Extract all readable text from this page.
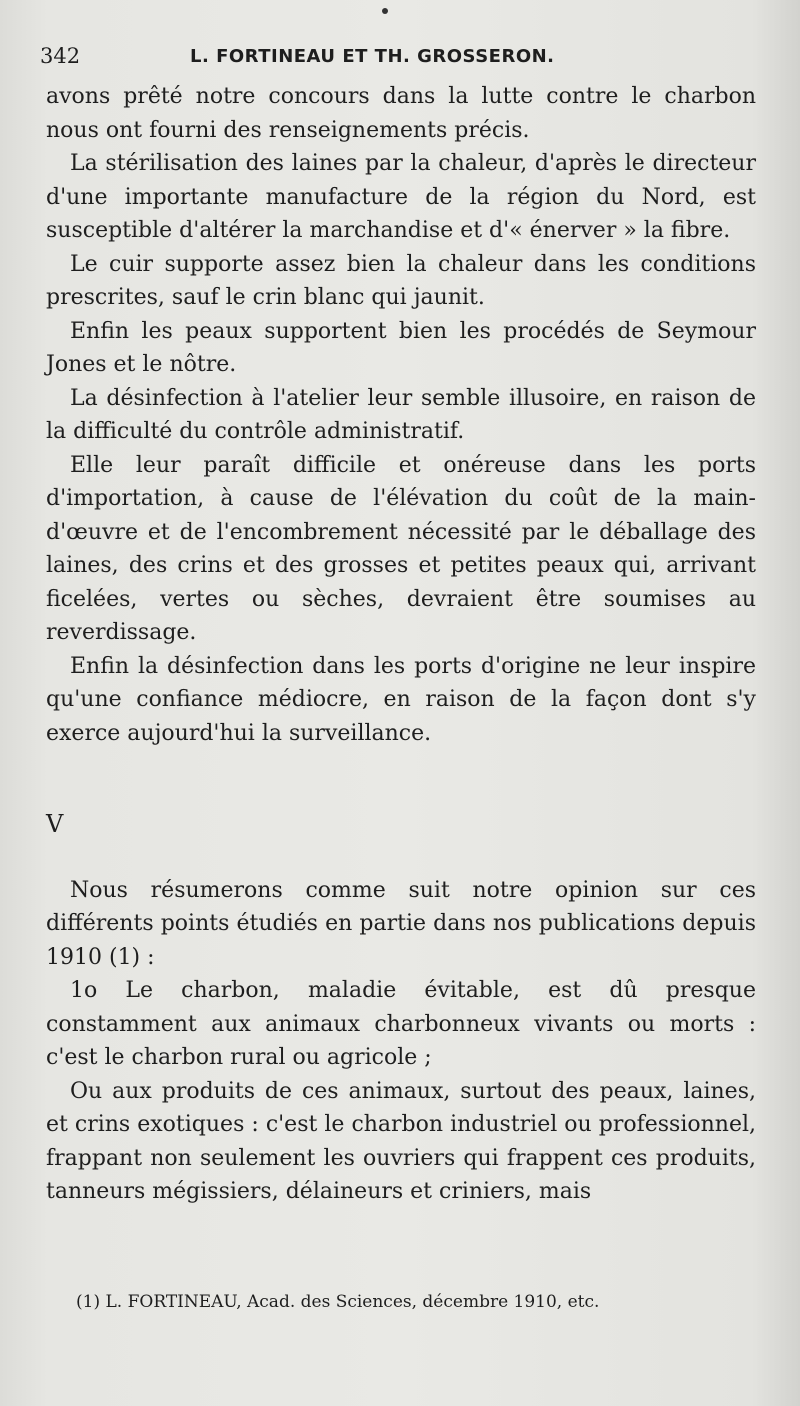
342	L. FORTINEAU ET TH. GROSSERON.

avons prêté notre concours dans la lutte contre le charbon nous ont fourni des renseignements précis.

La stérilisation des laines par la chaleur, d'après le directeur d'une importante manufacture de la région du Nord, est susceptible d'altérer la marchandise et d'« énerver » la fibre.

Le cuir supporte assez bien la chaleur dans les conditions prescrites, sauf le crin blanc qui jaunit.

Enfin les peaux supportent bien les procédés de Seymour Jones et le nôtre.

La désinfection à l'atelier leur semble illusoire, en raison de la difficulté du contrôle administratif.

Elle leur paraît difficile et onéreuse dans les ports d'importation, à cause de l'élévation du coût de la main-d'œuvre et de l'encombrement nécessité par le déballage des laines, des crins et des grosses et petites peaux qui, arrivant ficelées, vertes ou sèches, devraient être soumises au reverdissage.

Enfin la désinfection dans les ports d'origine ne leur inspire qu'une confiance médiocre, en raison de la façon dont s'y exerce aujourd'hui la surveillance.

V

Nous résumerons comme suit notre opinion sur ces différents points étudiés en partie dans nos publications depuis 1910 (1) :

1o Le charbon, maladie évitable, est dû presque constamment aux animaux charbonneux vivants ou morts : c'est le charbon rural ou agricole ;

Ou aux produits de ces animaux, surtout des peaux, laines, et crins exotiques : c'est le charbon industriel ou professionnel, frappant non seulement les ouvriers qui frappent ces produits, tanneurs mégissiers, délaineurs et criniers, mais

(1) L. FORTINEAU, Acad. des Sciences, décembre 1910, etc.
